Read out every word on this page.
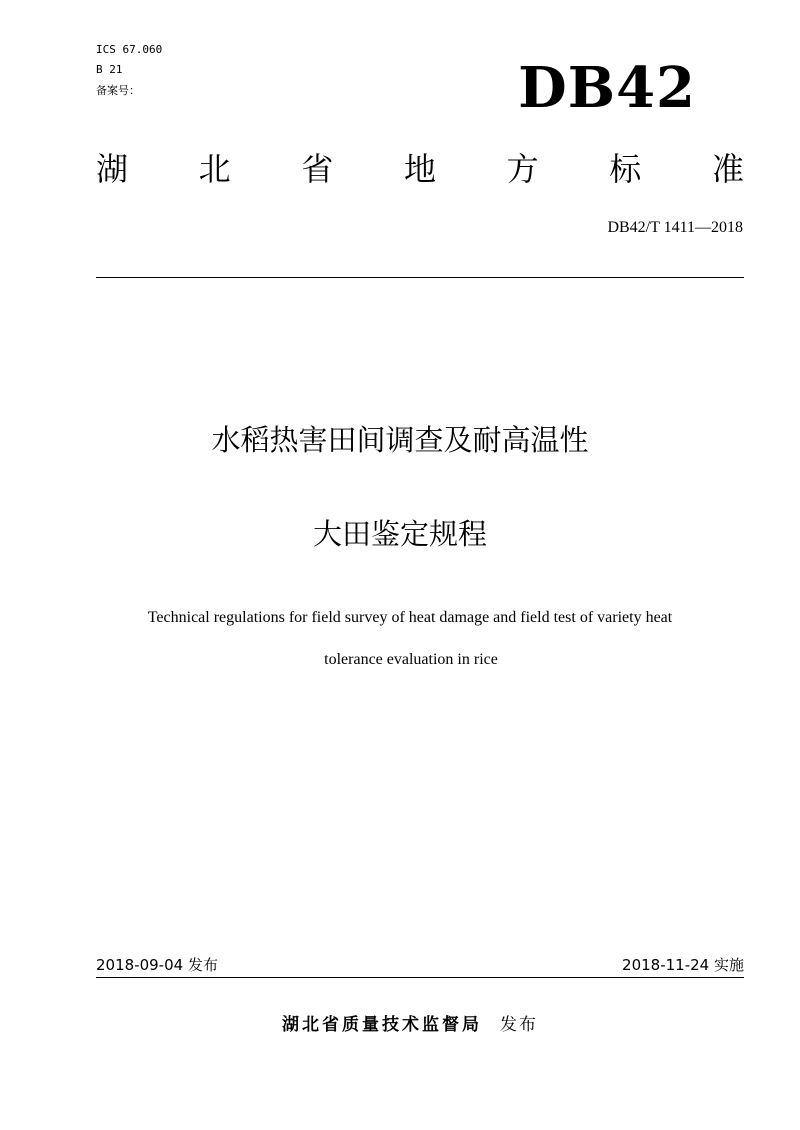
ICS 67.060
B 21
备案号：	DB42
湖 北 省 地 方 标 准
DB42/T 1411—2018
水稻热害田间调查及耐高温性
大田鉴定规程
Technical regulations for field survey of heat damage and field test of variety heat
tolerance evaluation in rice
2018-09-04 发布	2018-11-24 实施
湖北省质量技术监督局 发布
